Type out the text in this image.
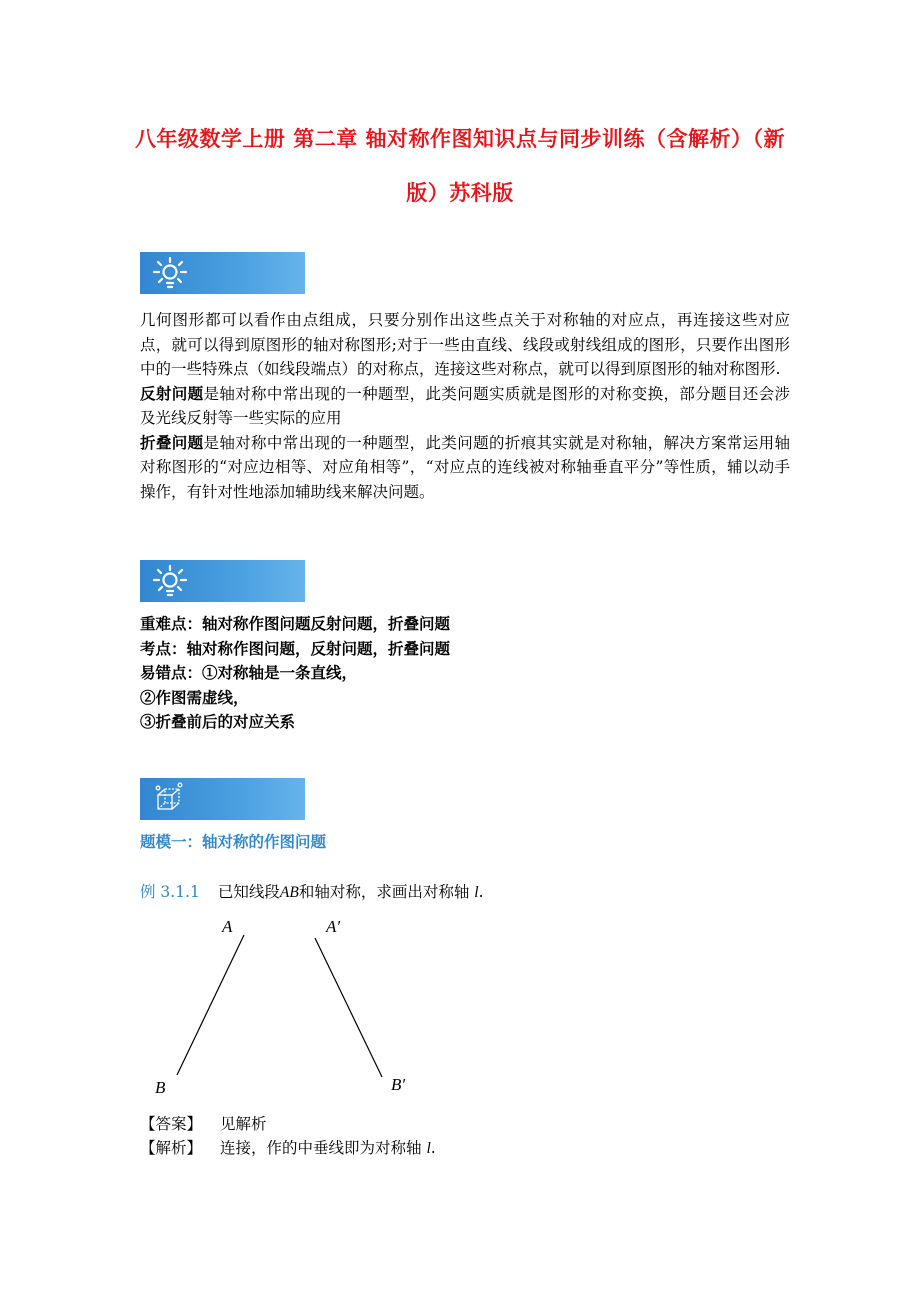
八年级数学上册 第二章 轴对称作图知识点与同步训练（含解析）（新
版）苏科版

几何图形都可以看作由点组成，只要分别作出这些点关于对称轴的对应点，再连接这些对应点，就可以得到原图形的轴对称图形;对于一些由直线、线段或射线组成的图形，只要作出图形中的一些特殊点（如线段端点）的对称点，连接这些对称点，就可以得到原图形的轴对称图形.

反射问题是轴对称中常出现的一种题型，此类问题实质就是图形的对称变换，部分题目还会涉及光线反射等一些实际的应用

折叠问题是轴对称中常出现的一种题型，此类问题的折痕其实就是对称轴，解决方案常运用轴对称图形的“对应边相等、对应角相等”，“对应点的连线被对称轴垂直平分”等性质，辅以动手操作，有针对性地添加辅助线来解决问题。

重难点：轴对称作图问题反射问题，折叠问题

考点：轴对称作图问题，反射问题，折叠问题

易错点：①对称轴是一条直线，

②作图需虚线，

③折叠前后的对应关系

题模一：轴对称的作图问题
例 3.1.1 已知线段AB和轴对称，求画出对称轴 l.
A	A′
B	B′

【答案】 见解析

【解析】 连接，作的中垂线即为对称轴 l.
